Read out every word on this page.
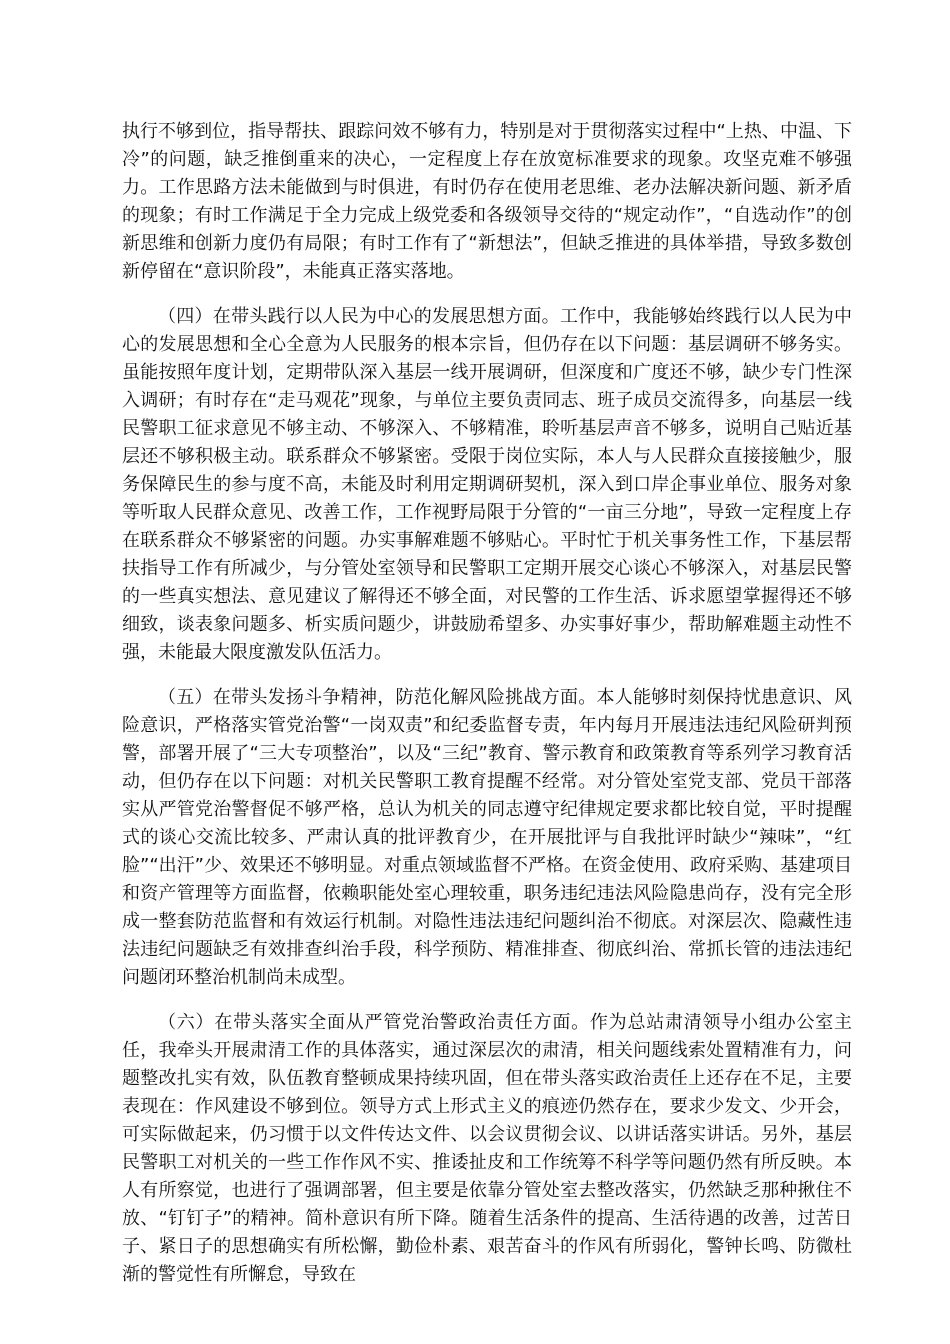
执行不够到位，指导帮扶、跟踪问效不够有力，特别是对于贯彻落实过程中“上热、中温、下冷”的问题，缺乏推倒重来的决心，一定程度上存在放宽标准要求的现象。攻坚克难不够强力。工作思路方法未能做到与时俱进，有时仍存在使用老思维、老办法解决新问题、新矛盾的现象；有时工作满足于全力完成上级党委和各级领导交待的“规定动作”，“自选动作”的创新思维和创新力度仍有局限；有时工作有了“新想法”，但缺乏推进的具体举措，导致多数创新停留在“意识阶段”，未能真正落实落地。

（四）在带头践行以人民为中心的发展思想方面。工作中，我能够始终践行以人民为中心的发展思想和全心全意为人民服务的根本宗旨，但仍存在以下问题：基层调研不够务实。虽能按照年度计划，定期带队深入基层一线开展调研，但深度和广度还不够，缺少专门性深入调研；有时存在“走马观花”现象，与单位主要负责同志、班子成员交流得多，向基层一线民警职工征求意见不够主动、不够深入、不够精准，聆听基层声音不够多，说明自己贴近基层还不够积极主动。联系群众不够紧密。受限于岗位实际，本人与人民群众直接接触少，服务保障民生的参与度不高，未能及时利用定期调研契机，深入到口岸企事业单位、服务对象等听取人民群众意见、改善工作，工作视野局限于分管的“一亩三分地”，导致一定程度上存在联系群众不够紧密的问题。办实事解难题不够贴心。平时忙于机关事务性工作，下基层帮扶指导工作有所减少，与分管处室领导和民警职工定期开展交心谈心不够深入，对基层民警的一些真实想法、意见建议了解得还不够全面，对民警的工作生活、诉求愿望掌握得还不够细致，谈表象问题多、析实质问题少，讲鼓励希望多、办实事好事少，帮助解难题主动性不强，未能最大限度激发队伍活力。

（五）在带头发扬斗争精神，防范化解风险挑战方面。本人能够时刻保持忧患意识、风险意识，严格落实管党治警“一岗双责”和纪委监督专责，年内每月开展违法违纪风险研判预警，部署开展了“三大专项整治”，以及“三纪”教育、警示教育和政策教育等系列学习教育活动，但仍存在以下问题：对机关民警职工教育提醒不经常。对分管处室党支部、党员干部落实从严管党治警督促不够严格，总认为机关的同志遵守纪律规定要求都比较自觉，平时提醒式的谈心交流比较多、严肃认真的批评教育少，在开展批评与自我批评时缺少“辣味”，“红脸”“出汗”少、效果还不够明显。对重点领域监督不严格。在资金使用、政府采购、基建项目和资产管理等方面监督，依赖职能处室心理较重，职务违纪违法风险隐患尚存，没有完全形成一整套防范监督和有效运行机制。对隐性违法违纪问题纠治不彻底。对深层次、隐藏性违法违纪问题缺乏有效排查纠治手段，科学预防、精准排查、彻底纠治、常抓长管的违法违纪问题闭环整治机制尚未成型。

（六）在带头落实全面从严管党治警政治责任方面。作为总站肃清领导小组办公室主任，我牵头开展肃清工作的具体落实，通过深层次的肃清，相关问题线索处置精准有力，问题整改扎实有效，队伍教育整顿成果持续巩固，但在带头落实政治责任上还存在不足，主要表现在：作风建设不够到位。领导方式上形式主义的痕迹仍然存在，要求少发文、少开会，可实际做起来，仍习惯于以文件传达文件、以会议贯彻会议、以讲话落实讲话。另外，基层民警职工对机关的一些工作作风不实、推诿扯皮和工作统筹不科学等问题仍然有所反映。本人有所察觉，也进行了强调部署，但主要是依靠分管处室去整改落实，仍然缺乏那种揪住不放、“钉钉子”的精神。简朴意识有所下降。随着生活条件的提高、生活待遇的改善，过苦日子、紧日子的思想确实有所松懈，勤俭朴素、艰苦奋斗的作风有所弱化，警钟长鸣、防微杜渐的警觉性有所懈怠，导致在
